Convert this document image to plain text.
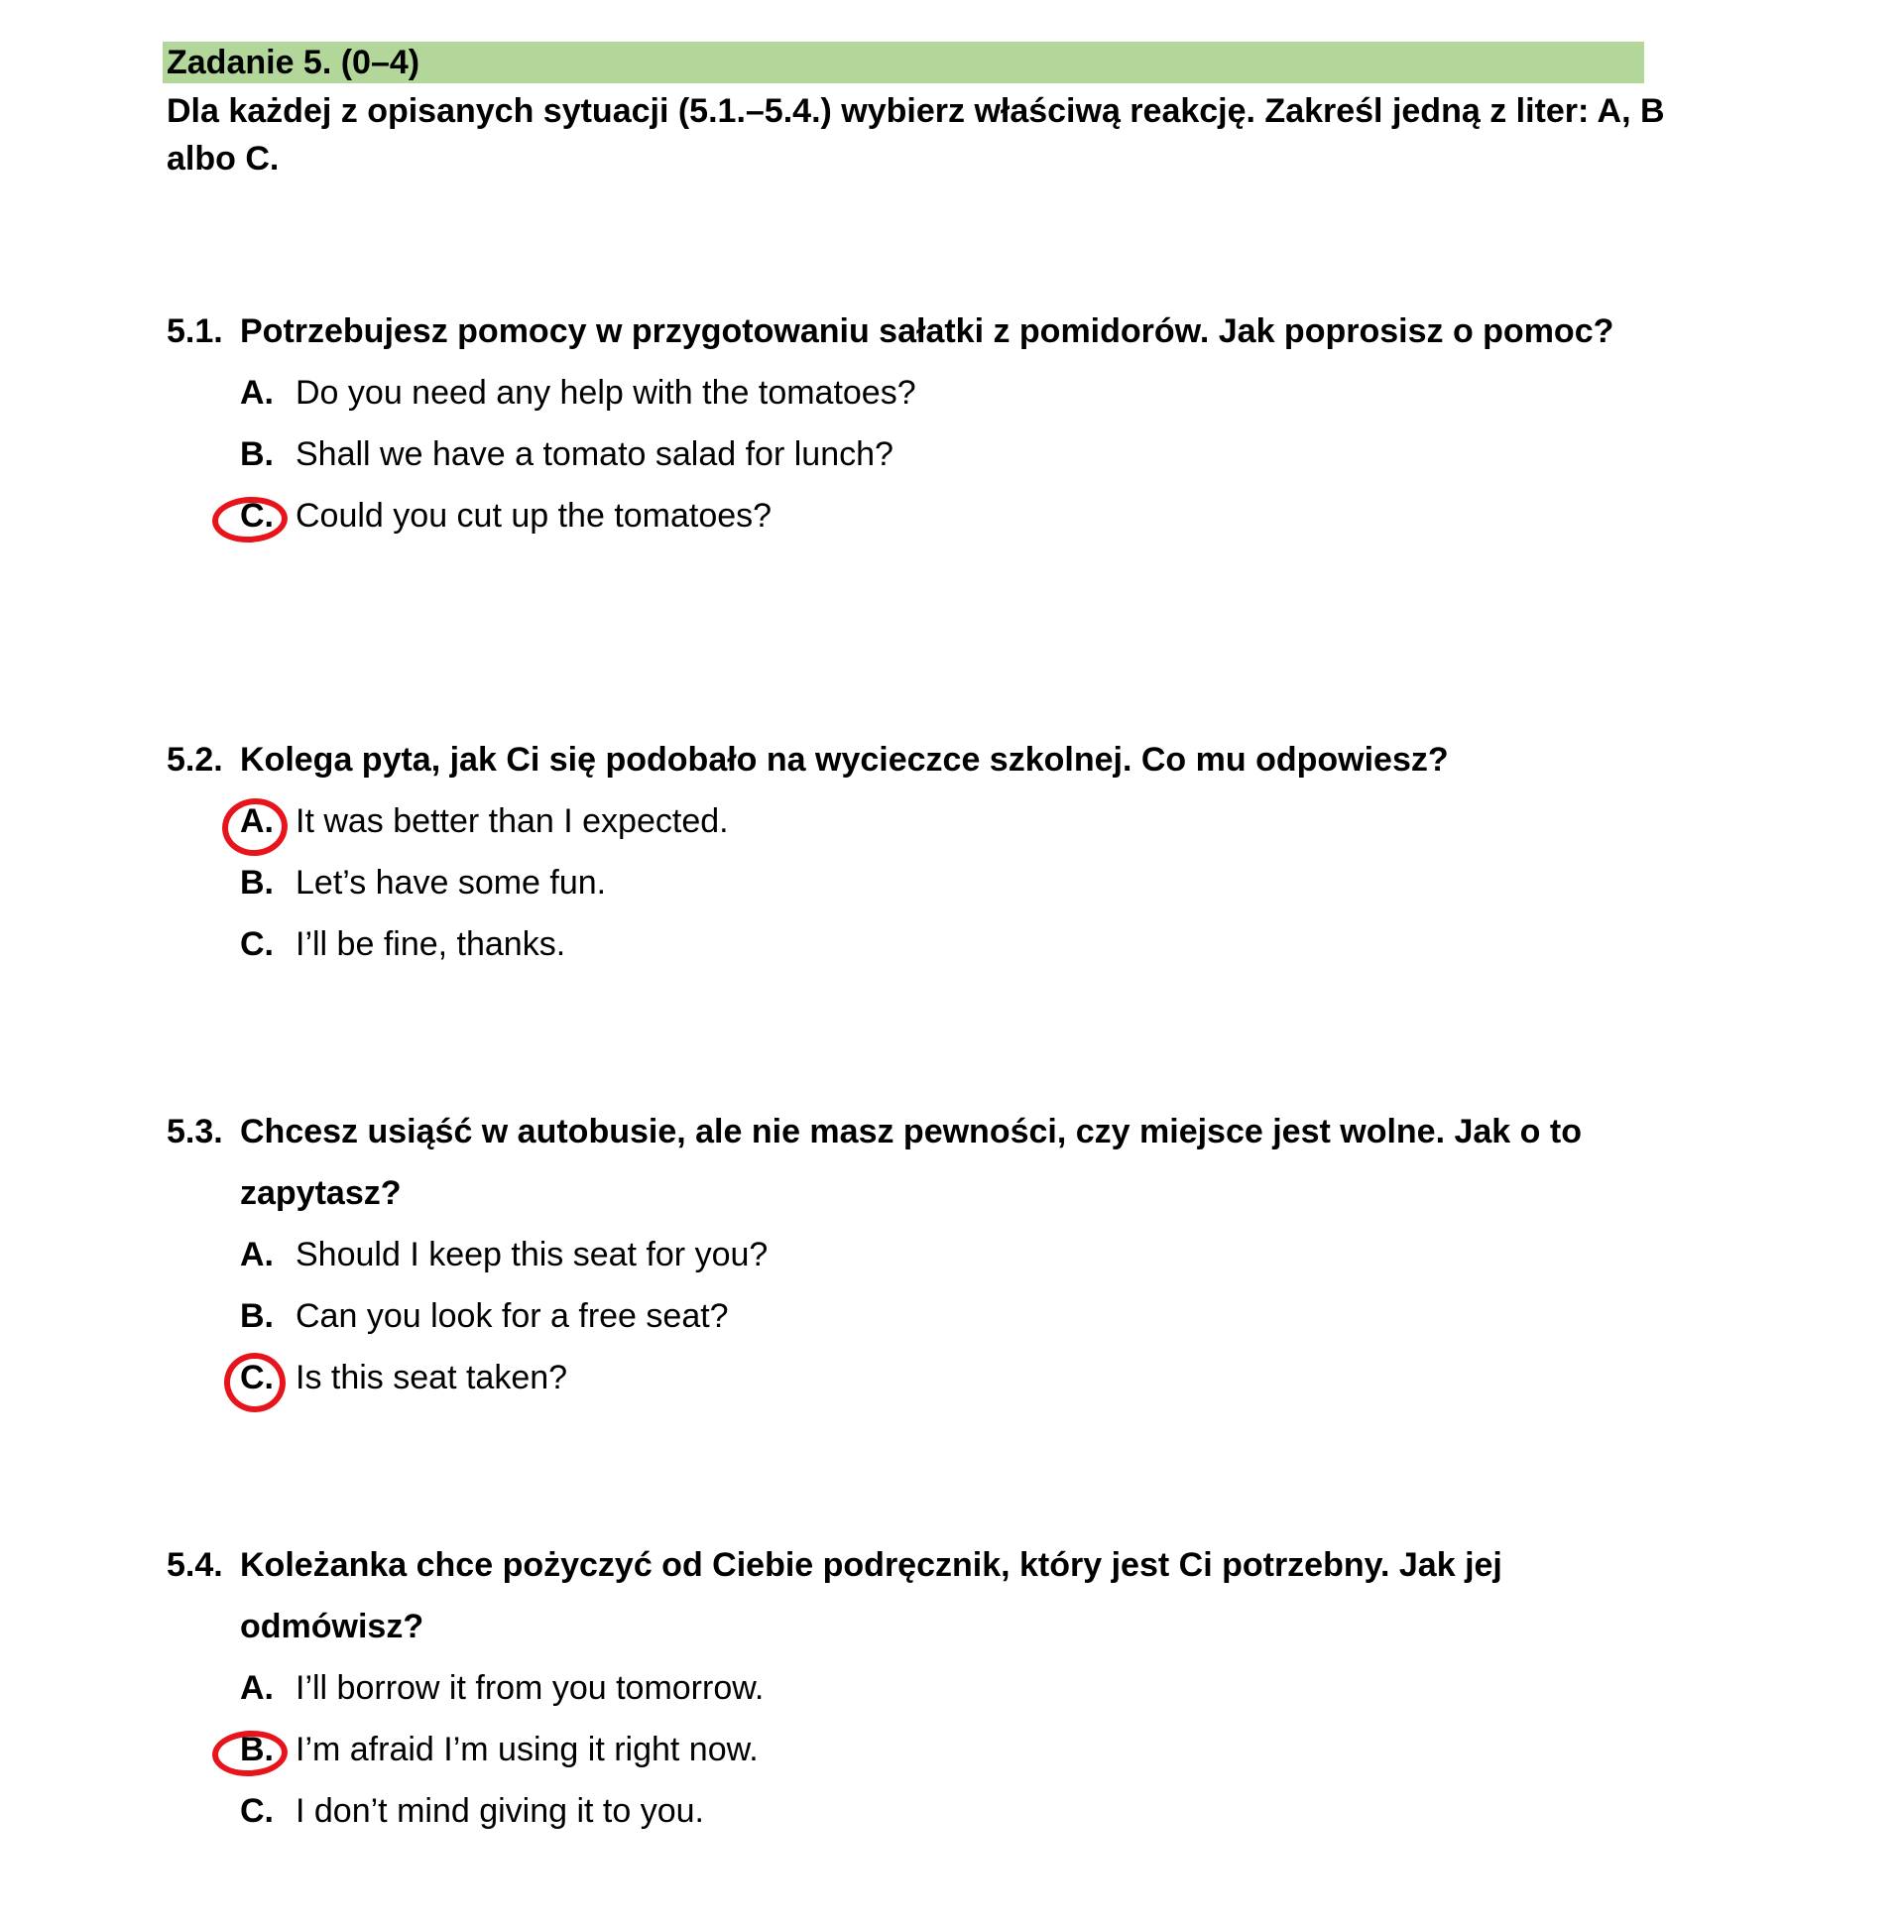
Zadanie 5. (0–4)
Dla każdej z opisanych sytuacji (5.1.–5.4.) wybierz właściwą reakcję. Zakreśl jedną z liter: A, B albo C.
5.1. Potrzebujesz pomocy w przygotowaniu sałatki z pomidorów. Jak poprosisz o pomoc?
A. Do you need any help with the tomatoes?
B. Shall we have a tomato salad for lunch?
C. Could you cut up the tomatoes?
5.2. Kolega pyta, jak Ci się podobało na wycieczce szkolnej. Co mu odpowiesz?
A. It was better than I expected.
B. Let’s have some fun.
C. I’ll be fine, thanks.
5.3. Chcesz usiąść w autobusie, ale nie masz pewności, czy miejsce jest wolne. Jak o to zapytasz?
A. Should I keep this seat for you?
B. Can you look for a free seat?
C. Is this seat taken?
5.4. Koleżanka chce pożyczyć od Ciebie podręcznik, który jest Ci potrzebny. Jak jej odmówisz?
A. I’ll borrow it from you tomorrow.
B. I’m afraid I’m using it right now.
C. I don’t mind giving it to you.
